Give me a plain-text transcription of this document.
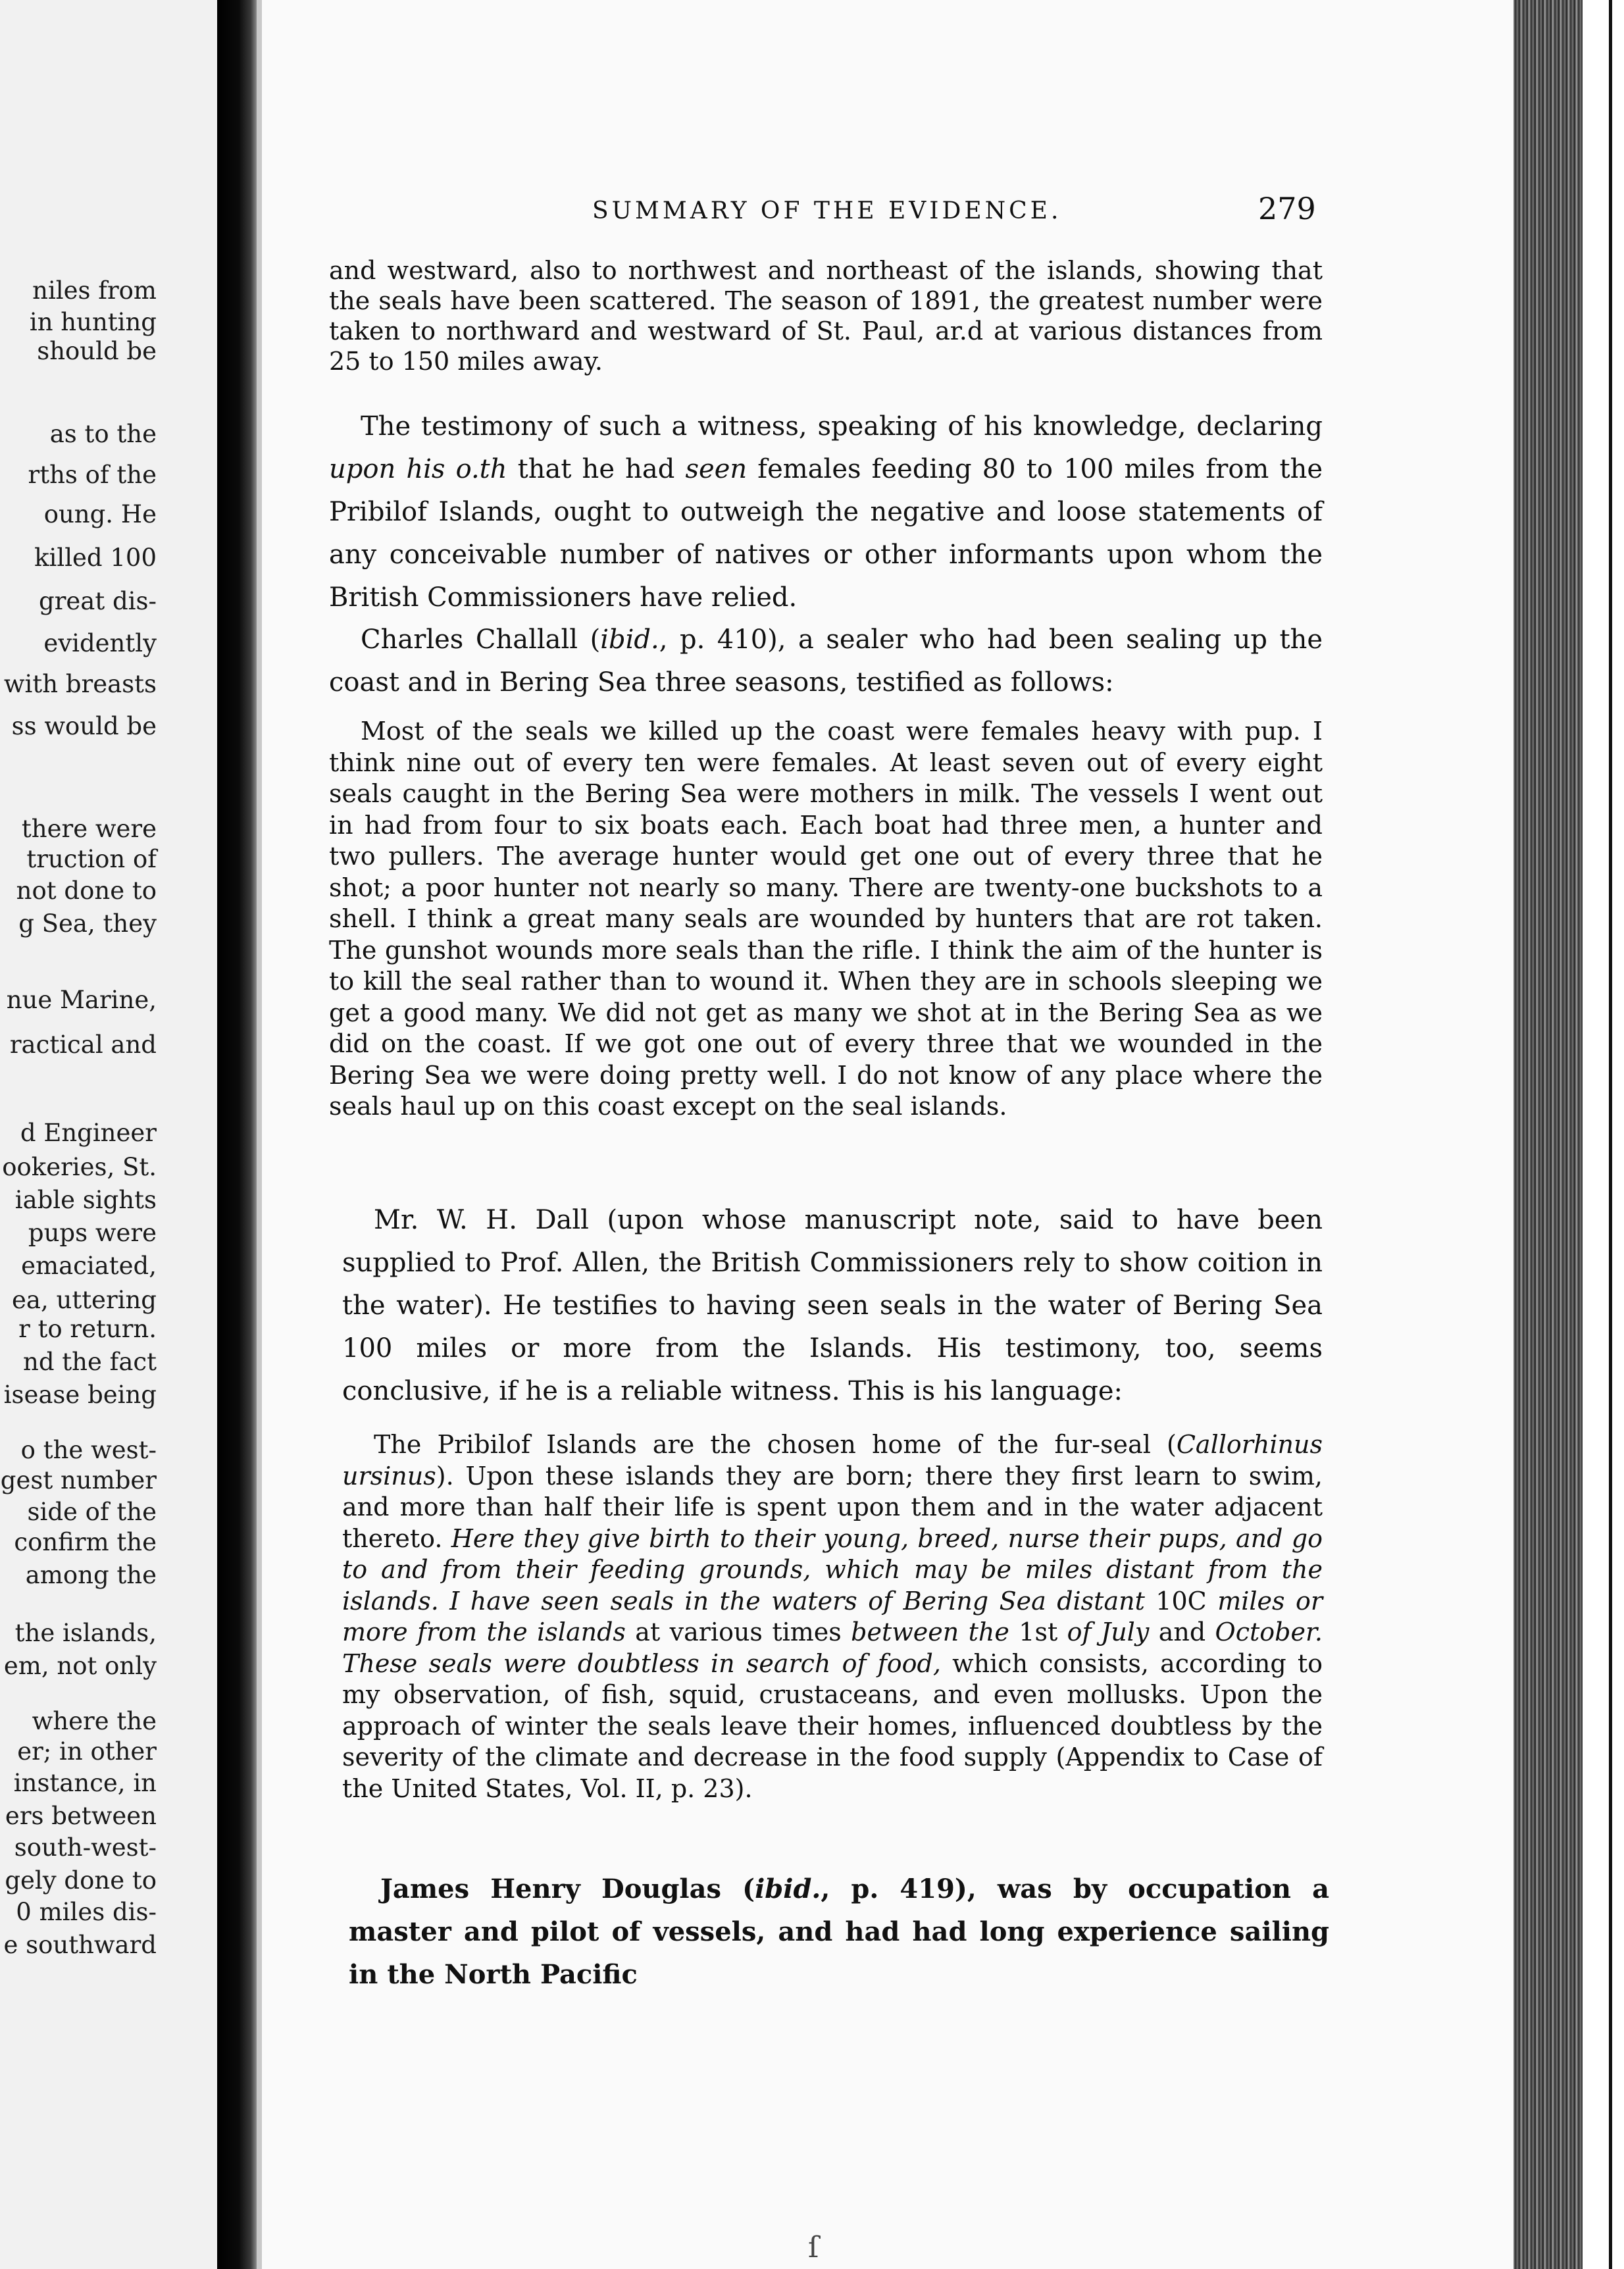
niles from
in hunting
should be
as to the
rths of the
oung. He
killed 100
great dis-
evidently
with breasts
ss would be
there were
truction of
not done to
g Sea, they
nue Marine,
ractical and
d Engineer
ookeries, St.
iable sights
pups were
emaciated,
ea, uttering
r to return.
nd the fact
isease being
o the west-
gest number
side of the
confirm the
among the
the islands,
em, not only
where the
er; in other
instance, in
ers between
south-west-
gely done to
0 miles dis-
e southward
SUMMARY OF THE EVIDENCE.	279

and westward, also to northwest and northeast of the islands, showing that the seals have been scattered. The season of 1891, the greatest number were taken to northward and westward of St. Paul, ar.d at various distances from 25 to 150 miles away.

The testimony of such a witness, speaking of his knowledge, declaring upon his o.th that he had seen females feeding 80 to 100 miles from the Pribilof Islands, ought to outweigh the negative and loose statements of any conceivable number of natives or other informants upon whom the British Commissioners have relied.

Charles Challall (ibid., p. 410), a sealer who had been sealing up the coast and in Bering Sea three seasons, testified as follows:

Most of the seals we killed up the coast were females heavy with pup. I think nine out of every ten were females. At least seven out of every eight seals caught in the Bering Sea were mothers in milk. The vessels I went out in had from four to six boats each. Each boat had three men, a hunter and two pullers. The average hunter would get one out of every three that he shot; a poor hunter not nearly so many. There are twenty-one buckshots to a shell. I think a great many seals are wounded by hunters that are rot taken. The gunshot wounds more seals than the rifle. I think the aim of the hunter is to kill the seal rather than to wound it. When they are in schools sleeping we get a good many. We did not get as many we shot at in the Bering Sea as we did on the coast. If we got one out of every three that we wounded in the Bering Sea we were doing pretty well. I do not know of any place where the seals haul up on this coast except on the seal islands.

Mr. W. H. Dall (upon whose manuscript note, said to have been supplied to Prof. Allen, the British Commissioners rely to show coition in the water). He testifies to having seen seals in the water of Bering Sea 100 miles or more from the Islands. His testimony, too, seems conclusive, if he is a reliable witness. This is his language:

The Pribilof Islands are the chosen home of the fur-seal (Callorhinus ursinus). Upon these islands they are born; there they first learn to swim, and more than half their life is spent upon them and in the water adjacent thereto. Here they give birth to their young, breed, nurse their pups, and go to and from their feeding grounds, which may be miles distant from the islands. I have seen seals in the waters of Bering Sea distant 10C miles or more from the islands at various times between the 1st of July and October. These seals were doubtless in search of food, which consists, according to my observation, of fish, squid, crustaceans, and even mollusks. Upon the approach of winter the seals leave their homes, influenced doubtless by the severity of the climate and decrease in the food supply (Appendix to Case of the United States, Vol. II, p. 23).

James Henry Douglas (ibid., p. 419), was by occupation a master and pilot of vessels, and had had long experience sailing in the North Pacific

ſ
